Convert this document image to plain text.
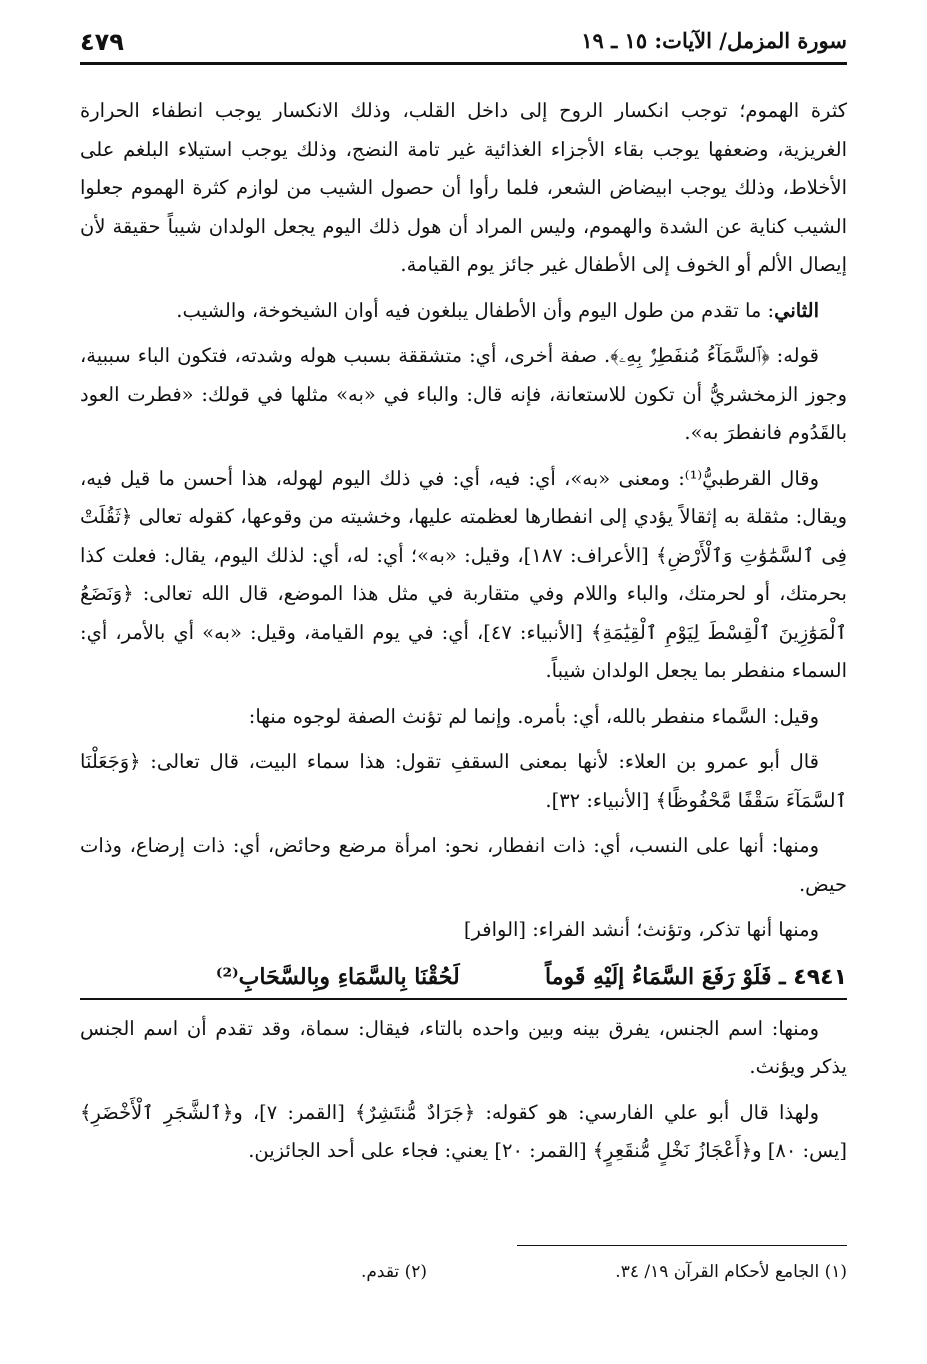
سورة المزمل/ الآيات: ١٥ ـ ١٩
٤٧٩

كثرة الهموم؛ توجب انكسار الروح إلى داخل القلب، وذلك الانكسار يوجب انطفاء الحرارة الغريزية، وضعفها يوجب بقاء الأجزاء الغذائية غير تامة النضج، وذلك يوجب استيلاء البلغم على الأخلاط، وذلك يوجب ابيضاض الشعر، فلما رأوا أن حصول الشيب من لوازم كثرة الهموم جعلوا الشيب كناية عن الشدة والهموم، وليس المراد أن هول ذلك اليوم يجعل الولدان شيباً حقيقة لأن إيصال الألم أو الخوف إلى الأطفال غير جائز يوم القيامة.

الثاني: ما تقدم من طول اليوم وأن الأطفال يبلغون فيه أوان الشيخوخة، والشيب.

قوله: ﴿ٱلسَّمَآءُ مُنفَطِرٌۢ بِهِۦ﴾. صفة أخرى، أي: متشققة بسبب هوله وشدته، فتكون الباء سببية، وجوز الزمخشريُّ أن تكون للاستعانة، فإنه قال: والباء في «به» مثلها في قولك: «فطرت العود بالقَدُوم فانفطرَ به».

وقال القرطبيُّ⁽¹⁾: ومعنى «به»، أي: فيه، أي: في ذلك اليوم لهوله، هذا أحسن ما قيل فيه، ويقال: مثقلة به إثقالاً يؤدي إلى انفطارها لعظمته عليها، وخشيته من وقوعها، كقوله تعالى ﴿ثَقُلَتْ فِى ٱلسَّمَٰوَٰتِ وَٱلْأَرْضِ﴾ [الأعراف: ١٨٧]، وقيل: «به»؛ أي: له، أي: لذلك اليوم، يقال: فعلت كذا بحرمتك، أو لحرمتك، والباء واللام وفي متقاربة في مثل هذا الموضع، قال الله تعالى: ﴿وَنَضَعُ ٱلْمَوَٰزِينَ ٱلْقِسْطَ لِيَوْمِ ٱلْقِيَٰمَةِ﴾ [الأنبياء: ٤٧]، أي: في يوم القيامة، وقيل: «به» أي بالأمر، أي: السماء منفطر بما يجعل الولدان شيباً.

وقيل: السَّماء منفطر بالله، أي: بأمره. وإنما لم تؤنث الصفة لوجوه منها:

قال أبو عمرو بن العلاء: لأنها بمعنى السقفِ تقول: هذا سماء البيت، قال تعالى: ﴿وَجَعَلْنَا ٱلسَّمَآءَ سَقْفًا مَّحْفُوظًا﴾ [الأنبياء: ٣٢].

ومنها: أنها على النسب، أي: ذات انفطار، نحو: امرأة مرضع وحائض، أي: ذات إرضاع، وذات حيض.

ومنها أنها تذكر، وتؤنث؛ أنشد الفراء: [الوافر]

٤٩٤١ ـ فَلَوْ رَفَعَ السَّمَاءُ إلَيْهِ قَوماً  لَحُقْنَا بِالسَّمَاءِ وبِالسَّحَابِ⁽²⁾

ومنها: اسم الجنس، يفرق بينه وبين واحده بالتاء، فيقال: سماة، وقد تقدم أن اسم الجنس يذكر ويؤنث.

ولهذا قال أبو علي الفارسي: هو كقوله: ﴿جَرَادٌ مُّنتَشِرٌ﴾ [القمر: ٧]، و﴿ٱلشَّجَرِ ٱلْأَخْضَرِ﴾ [يس: ٨٠] و﴿أَعْجَازُ نَخْلٍ مُّنقَعِرٍ﴾ [القمر: ٢٠] يعني: فجاء على أحد الجائزين.

(١) الجامع لأحكام القرآن ١٩/ ٣٤.
(٢) تقدم.
